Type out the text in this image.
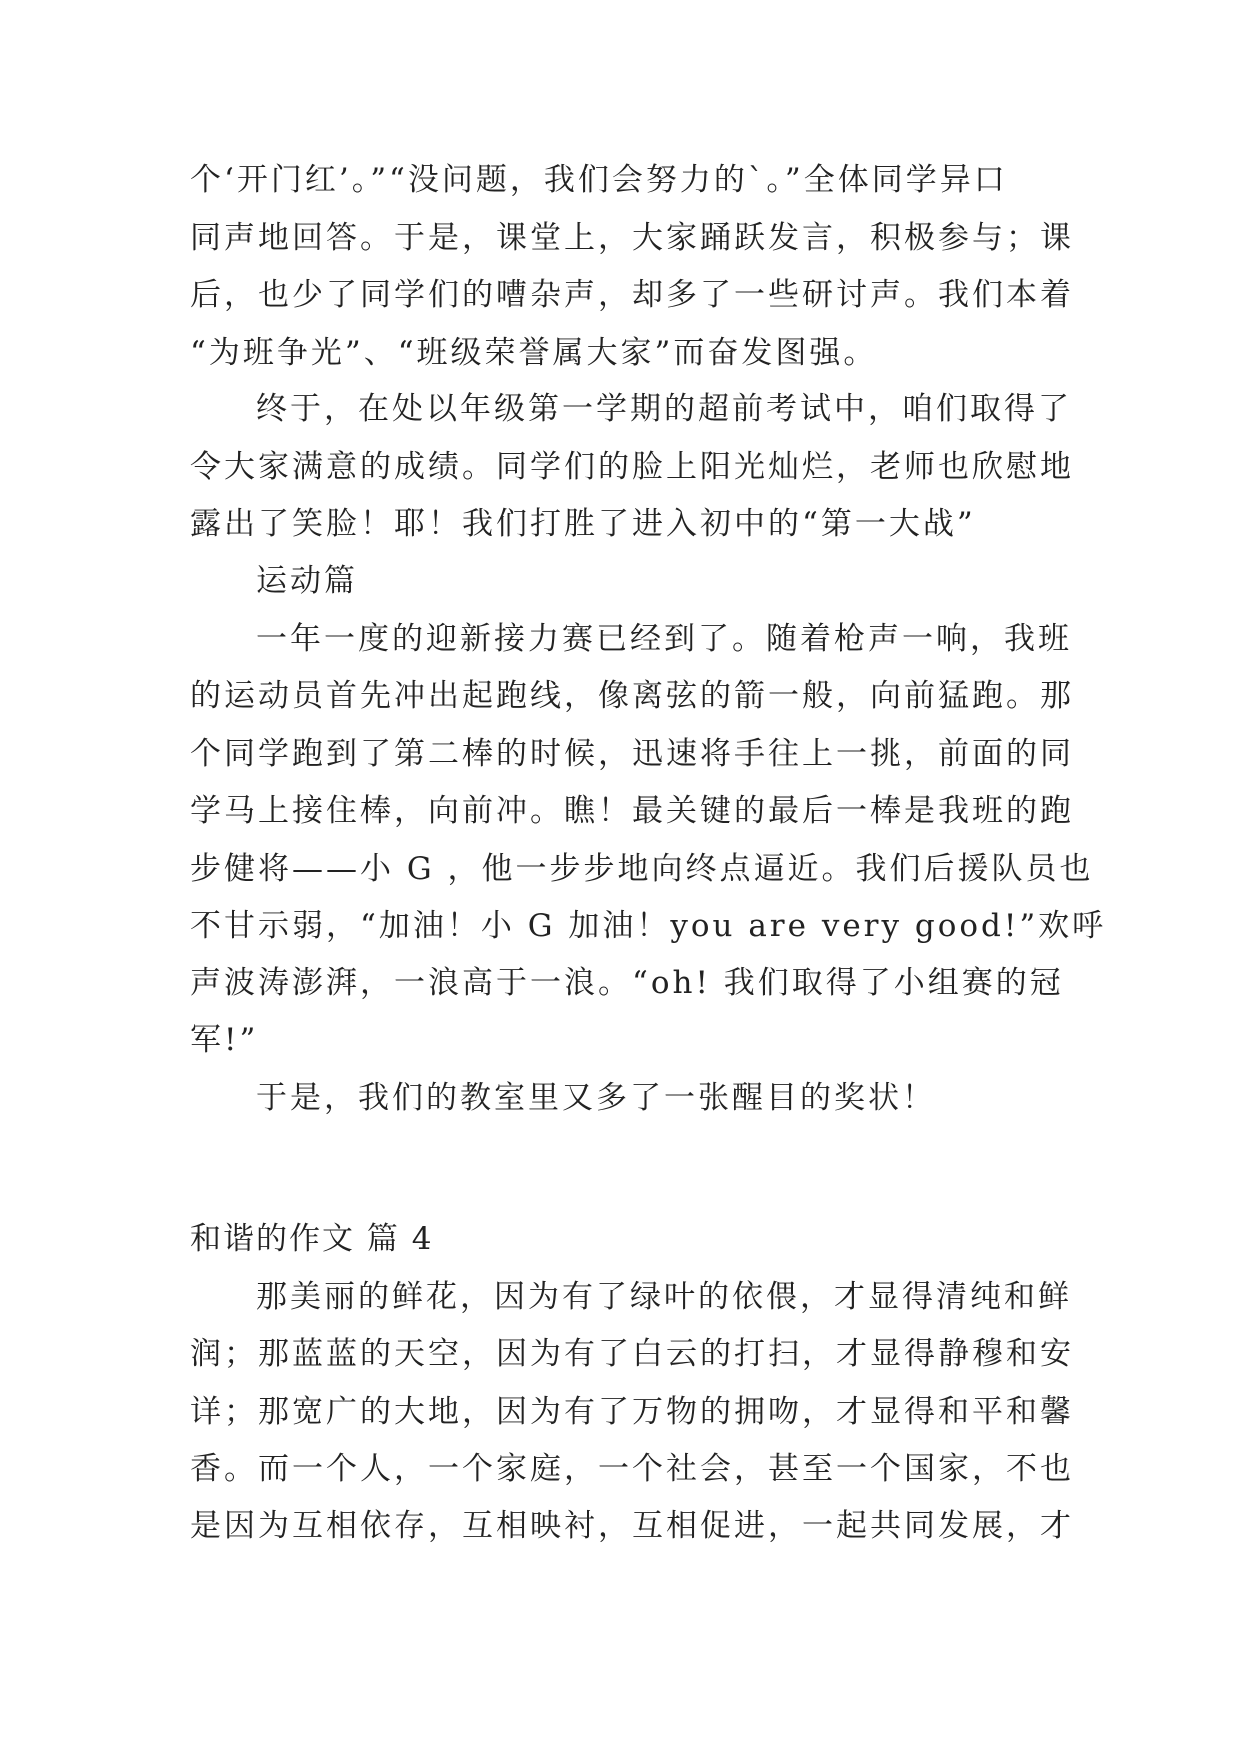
个‘开门红’。”“没问题，我们会努力的`。”全体同学异口
同声地回答。于是，课堂上，大家踊跃发言，积极参与；课
后，也少了同学们的嘈杂声，却多了一些研讨声。我们本着
“为班争光”、“班级荣誉属大家”而奋发图强。
终于，在处以年级第一学期的超前考试中，咱们取得了
令大家满意的成绩。同学们的脸上阳光灿烂，老师也欣慰地
露出了笑脸！耶！我们打胜了进入初中的“第一大战”
运动篇
一年一度的迎新接力赛已经到了。随着枪声一响，我班
的运动员首先冲出起跑线，像离弦的箭一般，向前猛跑。那
个同学跑到了第二棒的时候，迅速将手往上一挑，前面的同
学马上接住棒，向前冲。瞧！最关键的最后一棒是我班的跑
步健将——小 G ，他一步步地向终点逼近。我们后援队员也
不甘示弱，“加油！小 G 加油！you are very good!”欢呼
声波涛澎湃，一浪高于一浪。“oh! 我们取得了小组赛的冠
军!”
于是，我们的教室里又多了一张醒目的奖状！
和谐的作文 篇 4
那美丽的鲜花，因为有了绿叶的依偎，才显得清纯和鲜
润；那蓝蓝的天空，因为有了白云的打扫，才显得静穆和安
详；那宽广的大地，因为有了万物的拥吻，才显得和平和馨
香。而一个人，一个家庭，一个社会，甚至一个国家，不也
是因为互相依存，互相映衬，互相促进，一起共同发展，才
